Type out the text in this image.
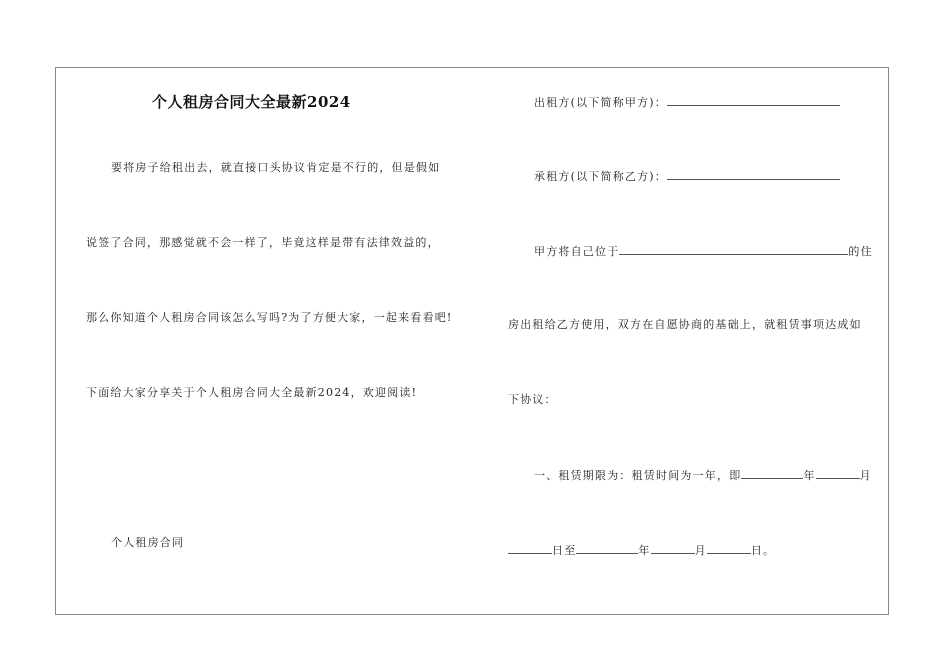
个人租房合同大全最新2024
要将房子给租出去，就直接口头协议肯定是不行的，但是假如
说签了合同，那感觉就不会一样了，毕竟这样是带有法律效益的，
那么你知道个人租房合同该怎么写吗?为了方便大家，一起来看看吧!
下面给大家分享关于个人租房合同大全最新2024，欢迎阅读!
个人租房合同
出租方(以下简称甲方)：
承租方(以下简称乙方)：
甲方将自己位于	的住
房出租给乙方使用，双方在自愿协商的基础上，就租赁事项达成如
下协议：
一、租赁期限为：租赁时间为一年，即	年	月
日至	年	月	日。
